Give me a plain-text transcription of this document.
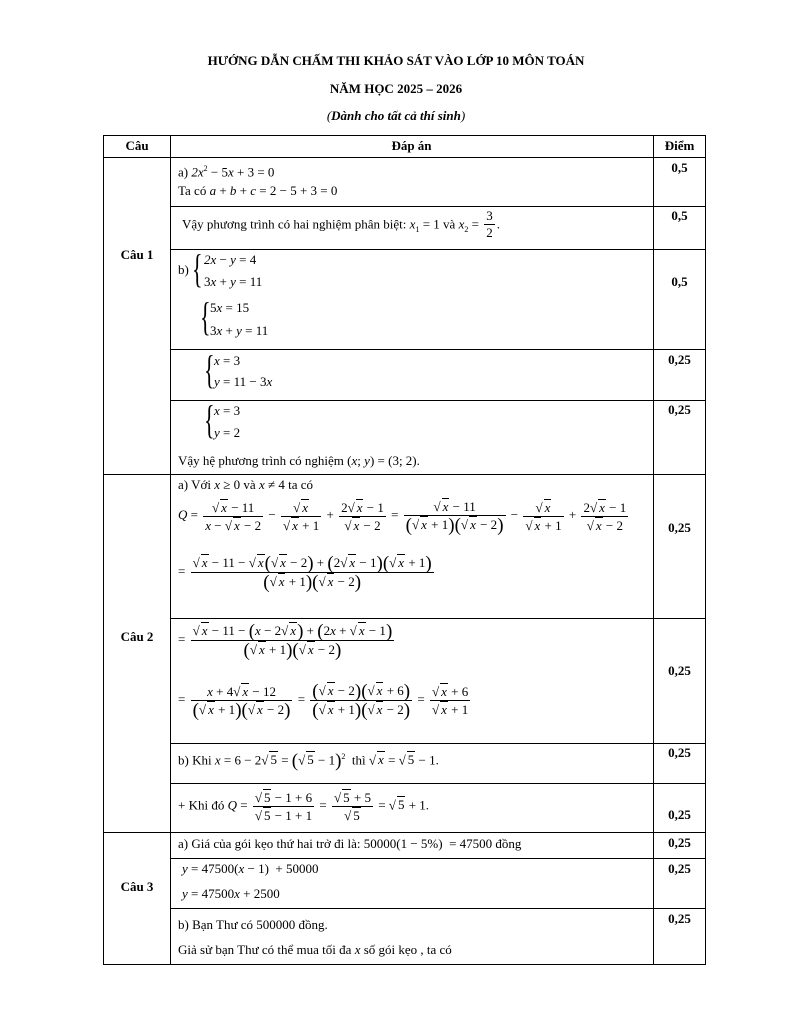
HƯỚNG DẪN CHẤM THI KHẢO SÁT VÀO LỚP 10 MÔN TOÁN
NĂM HỌC 2025 – 2026
(Dành cho tất cả thí sinh)
Câu	Đáp án	Điểm
Câu 1
Câu 2
Câu 3
0,5
0,5
0,5
0,25
0,25
0,25
0,25
0,25
0,25
0,25
0,25
0,25
a) $2x^2 - 5x + 3 = 0$
Ta có a + b + c = 2 − 5 + 3 = 0
Vậy phương trình có hai nghiệm phân biệt: $x_1 = 1$ và $x_2 = \frac{3}{2}$ .
b) { 2x − y = 4
3x + y = 11
{ 5x = 15
3x + y = 11
{ x = 3
y = 11 − 3x
{ x = 3
y = 2
Vậy hệ phương trình có nghiệm (x; y) = (3; 2).
a) Với x ≥ 0 và x ≠ 4 ta có
$Q = \frac{√ x - 11}{x - √ x - 2} - \frac{√ x}{√ x + 1} + \frac{2√ x - 1}{√ x - 2} = \frac{√ x - 11}{(√ x + 1)(√ x - 2)} - \frac{√ x}{√ x + 1} + \frac{2√ x - 1}{√ x - 2}$
= $\frac{√ x - 11 - √ x(√ x - 2) + (2√ x - 1)(√ x + 1)}{(√ x + 1)(√ x - 2)}$
= $\frac{√ x - 11 - (x - 2√ x) + (2x + √ x - 1)}{(√ x + 1)(√ x - 2)}$
= $\frac{x + 4√ x - 12}{(√ x + 1)(√ x - 2)} = \frac{(√ x - 2)(√ x + 6)}{(√ x + 1)(√ x - 2)} = \frac{√ x + 6}{√ x + 1}$
b) Khi x = 6 − 2√ 5 = (√ 5 − 1)$^2$ thì √ x = √ 5 − 1.
+ Khi đó $Q = \frac{√ 5 - 1 + 6}{√ 5 - 1 + 1} = \frac{√ 5 + 5}{√ 5}$ = √ 5 + 1.
a) Giá của gói kẹo thứ hai trở đi là: 50000(1 − 5%)  = 47500 đồng
y = 47500(x − 1)  + 50000
y = 47500x + 2500
b) Bạn Thư có 500000 đồng.
Giả sử bạn Thư có thể mua tối đa x số gói kẹo , ta có
